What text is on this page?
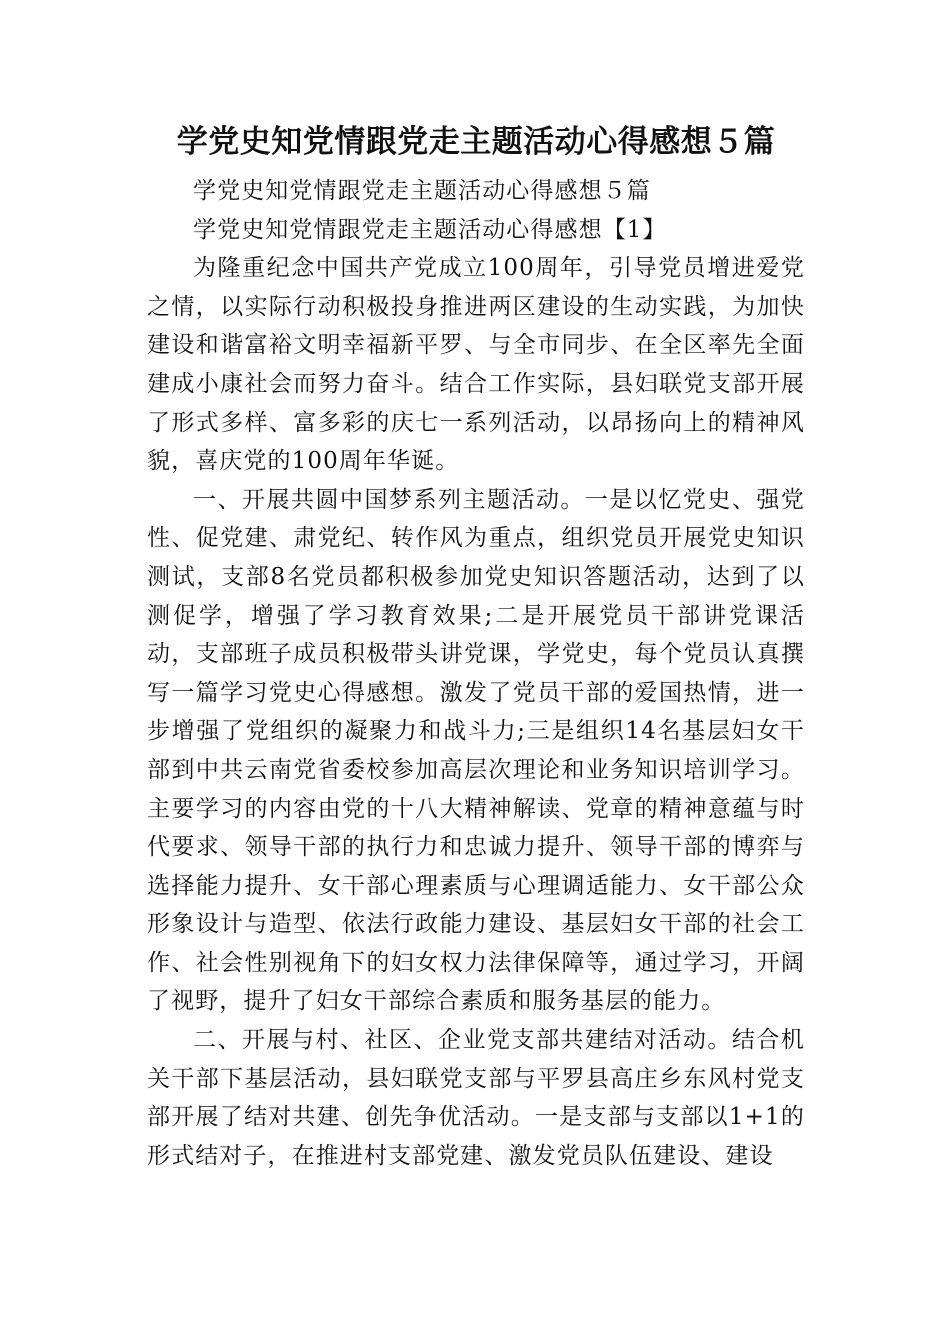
学党史知党情跟党走主题活动心得感想５篇

学党史知党情跟党走主题活动心得感想５篇

学党史知党情跟党走主题活动心得感想【1】

为隆重纪念中国共产党成立100周年，引导党员增进爱党之情，以实际行动积极投身推进两区建设的生动实践，为加快建设和谐富裕文明幸福新平罗、与全市同步、在全区率先全面建成小康社会而努力奋斗。结合工作实际，县妇联党支部开展了形式多样、富多彩的庆七一系列活动，以昂扬向上的精神风貌，喜庆党的100周年华诞。

一、开展共圆中国梦系列主题活动。一是以忆党史、强党性、促党建、肃党纪、转作风为重点，组织党员开展党史知识测试，支部8名党员都积极参加党史知识答题活动，达到了以测促学，增强了学习教育效果;二是开展党员干部讲党课活动，支部班子成员积极带头讲党课，学党史，每个党员认真撰写一篇学习党史心得感想。激发了党员干部的爱国热情，进一步增强了党组织的凝聚力和战斗力;三是组织14名基层妇女干部到中共云南党省委校参加高层次理论和业务知识培训学习。主要学习的内容由党的十八大精神解读、党章的精神意蕴与时代要求、领导干部的执行力和忠诚力提升、领导干部的博弈与选择能力提升、女干部心理素质与心理调适能力、女干部公众形象设计与造型、依法行政能力建设、基层妇女干部的社会工作、社会性别视角下的妇女权力法律保障等，通过学习，开阔了视野，提升了妇女干部综合素质和服务基层的能力。

二、开展与村、社区、企业党支部共建结对活动。结合机关干部下基层活动，县妇联党支部与平罗县高庄乡东风村党支部开展了结对共建、创先争优活动。一是支部与支部以1+1的形式结对子，在推进村支部党建、激发党员队伍建设、建设
